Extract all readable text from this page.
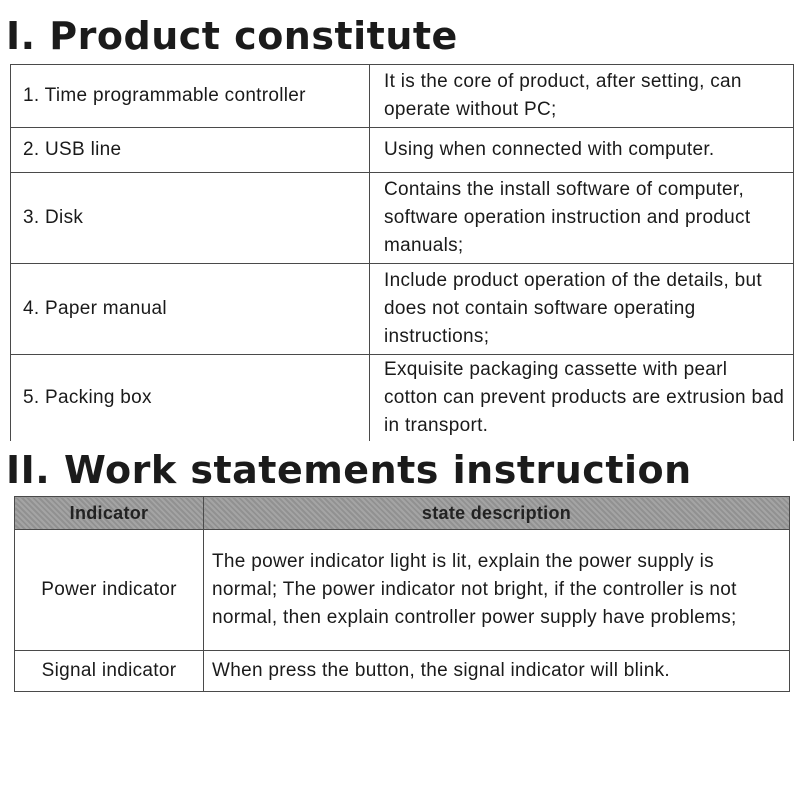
I. Product constitute
1. Time programmable controller	It is the core of product, after setting, can operate without PC;
2. USB line	Using when connected with computer.
3. Disk	Contains the install software of computer, software operation instruction and product manuals;
4. Paper manual	Include product operation of the details, but does not contain software operating instructions;
5. Packing box	Exquisite packaging cassette with pearl cotton can prevent products are extrusion bad in transport.
II. Work statements instruction
Indicator	state description
Power indicator	The power indicator light is lit, explain the power supply is normal; The power indicator not bright, if the controller is not normal, then explain controller power supply have problems;
Signal indicator	When press the button, the signal indicator will blink.
